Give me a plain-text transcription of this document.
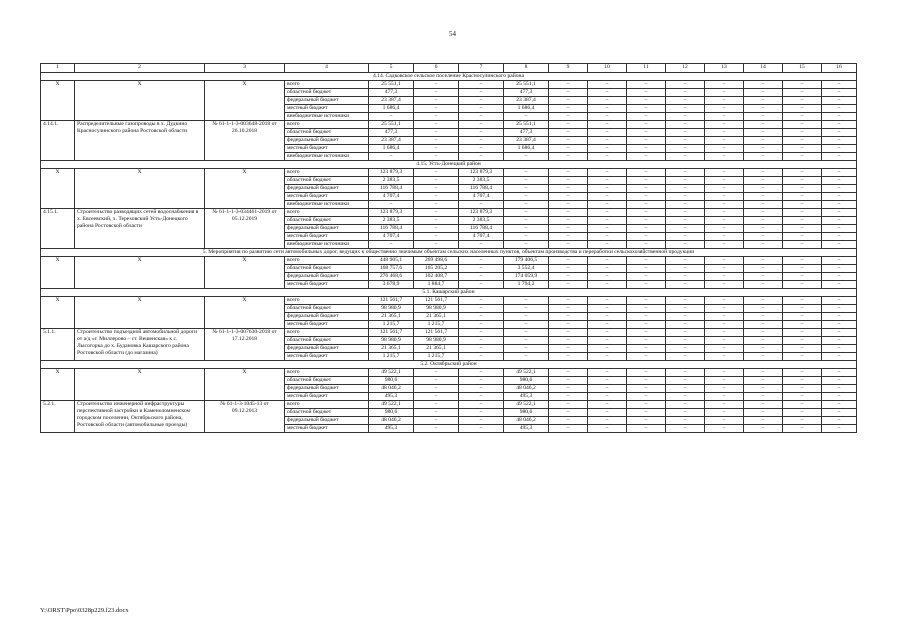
54
1	2	3	4	5	6	7	8	9	10	11	12	13	14	15	16
4.14. Садковское сельское поселение Красносулинского района															
Х	Х	Х	всего	25 551,1	–	–	25 551,1	–	–	–	–	–	–	–	–
			областной бюджет	477,3	–	–	477,3	–	–	–	–	–	–	–	–
			федеральный бюджет	23 387,4	–	–	23 387,4	–	–	–	–	–	–	–	–
			местный бюджет	1 686,4	–	–	1 686,4	–	–	–	–	–	–	–	–
			внебюджетные источники	–	–	–	–	–	–	–	–	–	–	–	–
4.14.1.	Распределительные газопроводы в х. Дудкино Красносулинского района Ростовской области	№ 61-1-1-3-003648-2018 от 26.10.2018	всего	25 551,1	–	–	25 551,1	–	–	–	–	–	–	–	–
			областной бюджет	477,3	–	–	477,3	–	–	–	–	–	–	–	–
			федеральный бюджет	23 387,4	–	–	23 387,4	–	–	–	–	–	–	–	–
			местный бюджет	1 686,4	–	–	1 686,4	–	–	–	–	–	–	–	–
			внебюджетные источники	–	–	–	–	–	–	–	–	–	–	–	–
4.15. Усть-Донецкий район															
Х	Х	Х	всего	123 879,3	–	123 879,3	–	–	–	–	–	–	–	–	–
			областной бюджет	2 383,5	–	2 383,5	–	–	–	–	–	–	–	–	–
			федеральный бюджет	116 788,4	–	116 788,4	–	–	–	–	–	–	–	–	–
			местный бюджет	4 707,4	–	4 707,4	–	–	–	–	–	–	–	–	–
			внебюджетные источники	–	–	–	–	–	–	–	–	–	–	–	–
4.15.1.	Строительство разводящих сетей водоснабжения в х. Евсеевский, х. Тереховский Усть-Донецкого района Ростовской области	№ 61-1-1-3-034461-2019 от 05.12.2019	всего	123 879,3	–	123 879,3	–	–	–	–	–	–	–	–	–
			областной бюджет	2 383,5	–	2 383,5	–	–	–	–	–	–	–	–	–
			федеральный бюджет	116 788,4	–	116 788,4	–	–	–	–	–	–	–	–	–
			местный бюджет	4 707,4	–	4 707,4	–	–	–	–	–	–	–	–	–
			внебюджетные источники	–	–	–	–	–	–	–	–	–	–	–	–
5. Мероприятия по развитию сети автомобильных дорог, ведущих к общественно значимым объектам сельских населенных пунктов, объектам производства и переработки сельскохозяйственной продукции															
Х	Х	Х	всего	448 905,1	269 498,6	–	179 406,5	–	–	–	–	–	–	–	–
			областной бюджет	168 757,6	165 205,2	–	3 552,4	–	–	–	–	–	–	–	–
			федеральный бюджет	276 468,6	102 408,7	–	174 059,9	–	–	–	–	–	–	–	–
			местный бюджет	3 678,9	1 884,7	–	1 794,2	–	–	–	–	–	–	–	–
5.1. Кашарский район															
Х	Х	Х	всего	121 561,7	121 561,7	–	–	–	–	–	–	–	–	–	–
			областной бюджет	98 980,9	98 980,9	–	–	–	–	–	–	–	–	–	–
			федеральный бюджет	21 365,1	21 365,1	–	–	–	–	–	–	–	–	–	–
			местный бюджет	1 215,7	1 215,7	–	–	–	–	–	–	–	–	–	–
5.1.1.	Строительство подъездной автомобильной дороги от а/д «г. Миллерово – ст. Вешенская» к с. Лысогорка до х. Будановка Кашарского района Ростовской области (до магазина)	№ 61-1-1-3-007630-2018 от 17.12.2018	всего	121 561,7	121 561,7	–	–	–	–	–	–	–	–	–	–
			областной бюджет	98 980,9	98 980,9	–	–	–	–	–	–	–	–	–	–
			федеральный бюджет	21 365,1	21 365,1	–	–	–	–	–	–	–	–	–	–
			местный бюджет	1 215,7	1 215,7	–	–	–	–	–	–	–	–	–	–
5.2. Октябрьский район															
Х	Х	Х	всего	49 522,1	–	–	49 522,1	–	–	–	–	–	–	–	–
			областной бюджет	980,6	–	–	980,6	–	–	–	–	–	–	–	–
			федеральный бюджет	48 046,2	–	–	48 046,2	–	–	–	–	–	–	–	–
			местный бюджет	495,3	–	–	495,3	–	–	–	–	–	–	–	–
5.2.1.	Строительство инженерной инфраструктуры перспективной застройки в Каменоломненском городском поселении, Октябрьского района, Ростовской области (автомобильные проезды)	№ 61-1-3-1045-13 от 09.12.2013	всего	49 522,1	–	–	49 522,1	–	–	–	–	–	–	–	–
			областной бюджет	980,6	–	–	980,6	–	–	–	–	–	–	–	–
			федеральный бюджет	48 046,2	–	–	48 046,2	–	–	–	–	–	–	–	–
			местный бюджет	495,3	–	–	495,3	–	–	–	–	–	–	–	–
Y:\ORST\Ppo\0328p229.f23.docx
